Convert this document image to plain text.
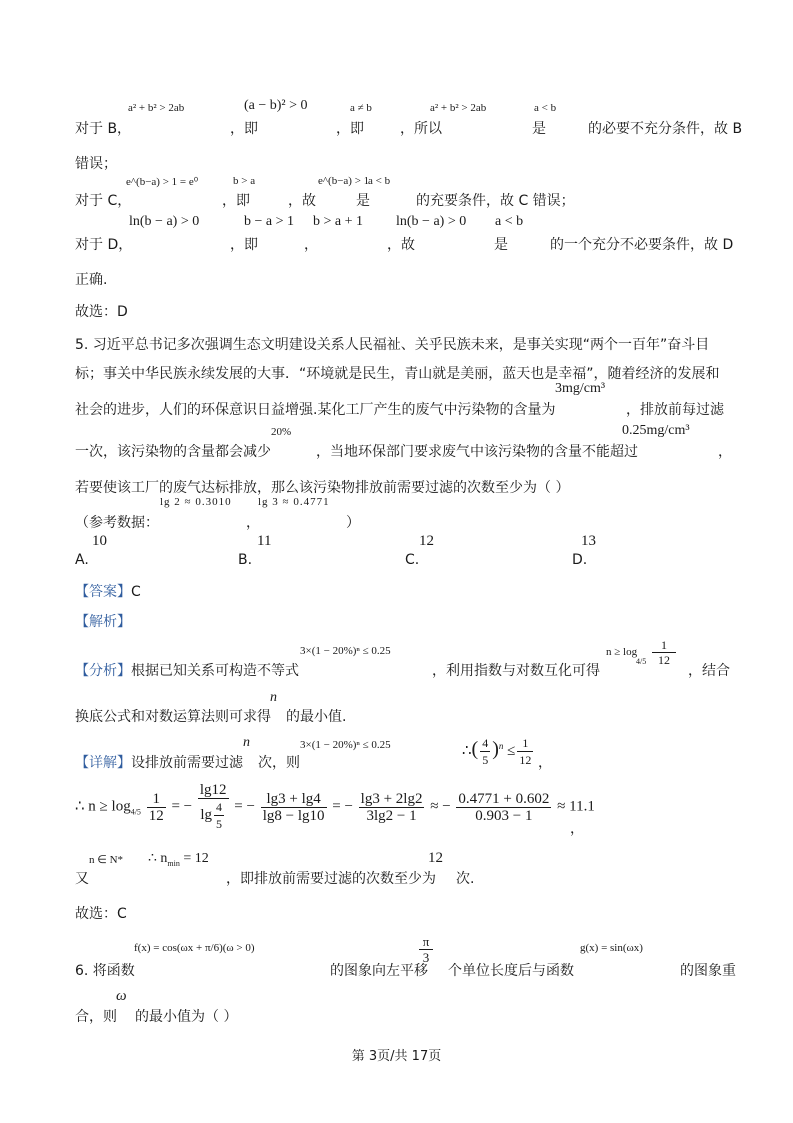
a² + b² > 2ab	(a − b)² > 0	a ≠ b	a² + b² > 2ab	a < b
对于 B，	，即	，即	，所以	是	的必要不充分条件，故 B
错误；
e^(b−a) > 1 = e⁰	b > a	e^(b−a) > 1
a < b
对于 C，	，即	，故	是	的充要条件，故 C 错误；
ln(b − a) > 0	b − a > 1 b > a + 1 ln(b − a) > 0 a < b
对于 D，	，即	，	，故	是	的一个充分不必要条件，故 D
正确.
故选：D
5. 习近平总书记多次强调生态文明建设关系人民福祉、关乎民族未来，是事关实现“两个一百年”奋斗目
标；事关中华民族永续发展的大事．“环境就是民生，青山就是美丽，蓝天也是幸福”，随着经济的发展和
3mg/cm³
社会的进步，人们的环保意识日益增强.某化工厂产生的废气中污染物的含量为	，排放前每过滤
20%	0.25mg/cm³
一次，该污染物的含量都会减少	，当地环保部门要求废气中该污染物的含量不能超过	，
若要使该工厂的废气达标排放，那么该污染物排放前需要过滤的次数至少为（ ）
lg 2 ≈ 0.3010 lg 3 ≈ 0.4771
（参考数据：	，	）
10	11	12	13
A.	B.	C.	D.
【答案】C
【解析】
3×(1 − 20%)ⁿ ≤ 0.25	$n \ge \log \frac{1}{12}$
4/5
【分析】根据已知关系可构造不等式	，利用指数与对数互化可得	，结合
n
换底公式和对数运算法则可求得 的最小值.
n	3×(1 − 20%)ⁿ ≤ 0.25	∴( $\frac{4}{5} )^n \le \frac{1}{12}$
【详解】设排放前需要过滤 次，则	，
∴ $n \ge \log_{4/5} \frac{1}{12}$ = − $\frac{\lg 12}{\lg \frac{4}{5}}$ = − $\frac{\lg 3 + \lg 4}{\lg 8 - \lg 10}$ = − $\frac{\lg 3 + 2\lg 2}{3\lg 2 - 1}$ ≈ − $\frac{0.4771 + 0.602}{0.903 - 1} \approx 11.1$
，
n ∈ N* ∴ $n_{min} = 12$	12
又	，即排放前需要过滤的次数至少为 次.
故选：C
f(x) = cos(ωx + π/6)(ω > 0)	π
3
g(x) = sin(ωx)
6. 将函数	的图象向左平移 个单位长度后与函数	的图象重
ω
合，则 的最小值为（ ）
第 3页/共 17页
